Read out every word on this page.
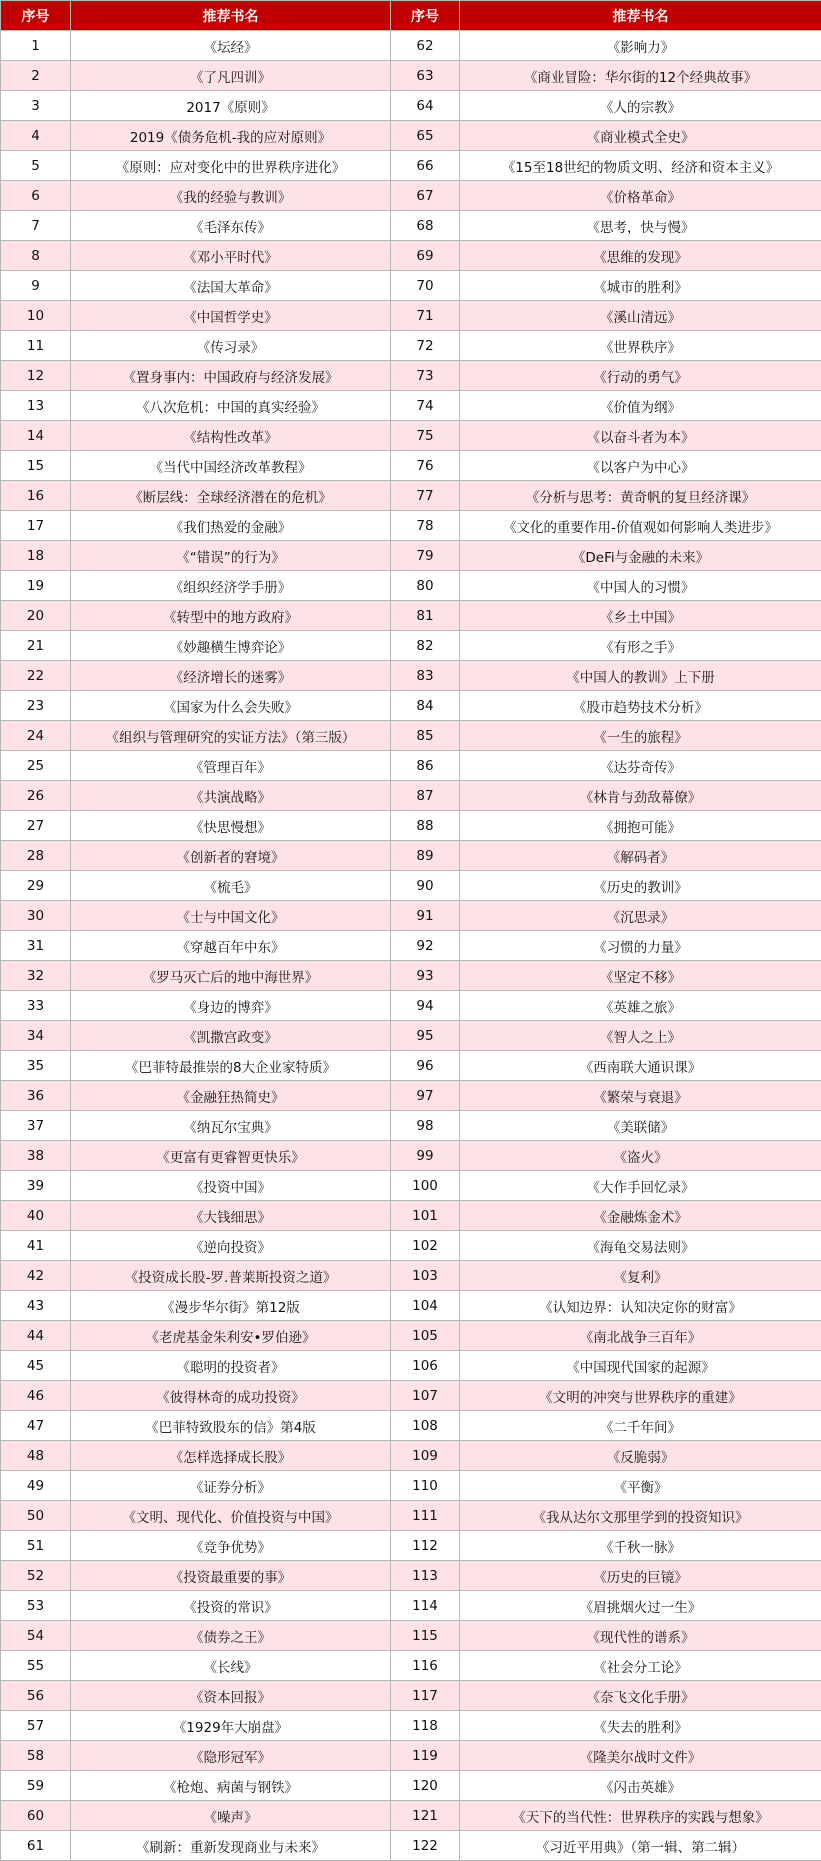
序号	推荐书名	序号	推荐书名
1	《坛经》	62	《影响力》
2	《了凡四训》	63	《商业冒险：华尔街的12个经典故事》
3	2017《原则》	64	《人的宗教》
4	2019《债务危机-我的应对原则》	65	《商业模式全史》
5	《原则：应对变化中的世界秩序进化》	66	《15至18世纪的物质文明、经济和资本主义》
6	《我的经验与教训》	67	《价格革命》
7	《毛泽东传》	68	《思考，快与慢》
8	《邓小平时代》	69	《思维的发现》
9	《法国大革命》	70	《城市的胜利》
10	《中国哲学史》	71	《溪山清远》
11	《传习录》	72	《世界秩序》
12	《置身事内：中国政府与经济发展》	73	《行动的勇气》
13	《八次危机：中国的真实经验》	74	《价值为纲》
14	《结构性改革》	75	《以奋斗者为本》
15	《当代中国经济改革教程》	76	《以客户为中心》
16	《断层线：全球经济潜在的危机》	77	《分析与思考：黄奇帆的复旦经济课》
17	《我们热爱的金融》	78	《文化的重要作用-价值观如何影响人类进步》
18	《“错误”的行为》	79	《DeFi与金融的未来》
19	《组织经济学手册》	80	《中国人的习惯》
20	《转型中的地方政府》	81	《乡土中国》
21	《妙趣横生博弈论》	82	《有形之手》
22	《经济增长的迷雾》	83	《中国人的教训》上下册
23	《国家为什么会失败》	84	《股市趋势技术分析》
24	《组织与管理研究的实证方法》（第三版）	85	《一生的旅程》
25	《管理百年》	86	《达芬奇传》
26	《共演战略》	87	《林肯与劲敌幕僚》
27	《快思慢想》	88	《拥抱可能》
28	《创新者的窘境》	89	《解码者》
29	《梳毛》	90	《历史的教训》
30	《士与中国文化》	91	《沉思录》
31	《穿越百年中东》	92	《习惯的力量》
32	《罗马灭亡后的地中海世界》	93	《坚定不移》
33	《身边的博弈》	94	《英雄之旅》
34	《凯撒宫政变》	95	《智人之上》
35	《巴菲特最推崇的8大企业家特质》	96	《西南联大通识课》
36	《金融狂热简史》	97	《繁荣与衰退》
37	《纳瓦尔宝典》	98	《美联储》
38	《更富有更睿智更快乐》	99	《盗火》
39	《投资中国》	100	《大作手回忆录》
40	《大钱细思》	101	《金融炼金术》
41	《逆向投资》	102	《海龟交易法则》
42	《投资成长股-罗.普莱斯投资之道》	103	《复利》
43	《漫步华尔街》第12版	104	《认知边界：认知决定你的财富》
44	《老虎基金朱利安•罗伯逊》	105	《南北战争三百年》
45	《聪明的投资者》	106	《中国现代国家的起源》
46	《彼得林奇的成功投资》	107	《文明的冲突与世界秩序的重建》
47	《巴菲特致股东的信》第4版	108	《二千年间》
48	《怎样选择成长股》	109	《反脆弱》
49	《证券分析》	110	《平衡》
50	《文明、现代化、价值投资与中国》	111	《我从达尔文那里学到的投资知识》
51	《竞争优势》	112	《千秋一脉》
52	《投资最重要的事》	113	《历史的巨镜》
53	《投资的常识》	114	《眉挑烟火过一生》
54	《债券之王》	115	《现代性的谱系》
55	《长线》	116	《社会分工论》
56	《资本回报》	117	《奈飞文化手册》
57	《1929年大崩盘》	118	《失去的胜利》
58	《隐形冠军》	119	《隆美尔战时文件》
59	《枪炮、病菌与钢铁》	120	《闪击英雄》
60	《噪声》	121	《天下的当代性：世界秩序的实践与想象》
61	《刷新：重新发现商业与未来》	122	《习近平用典》（第一辑、第二辑）
